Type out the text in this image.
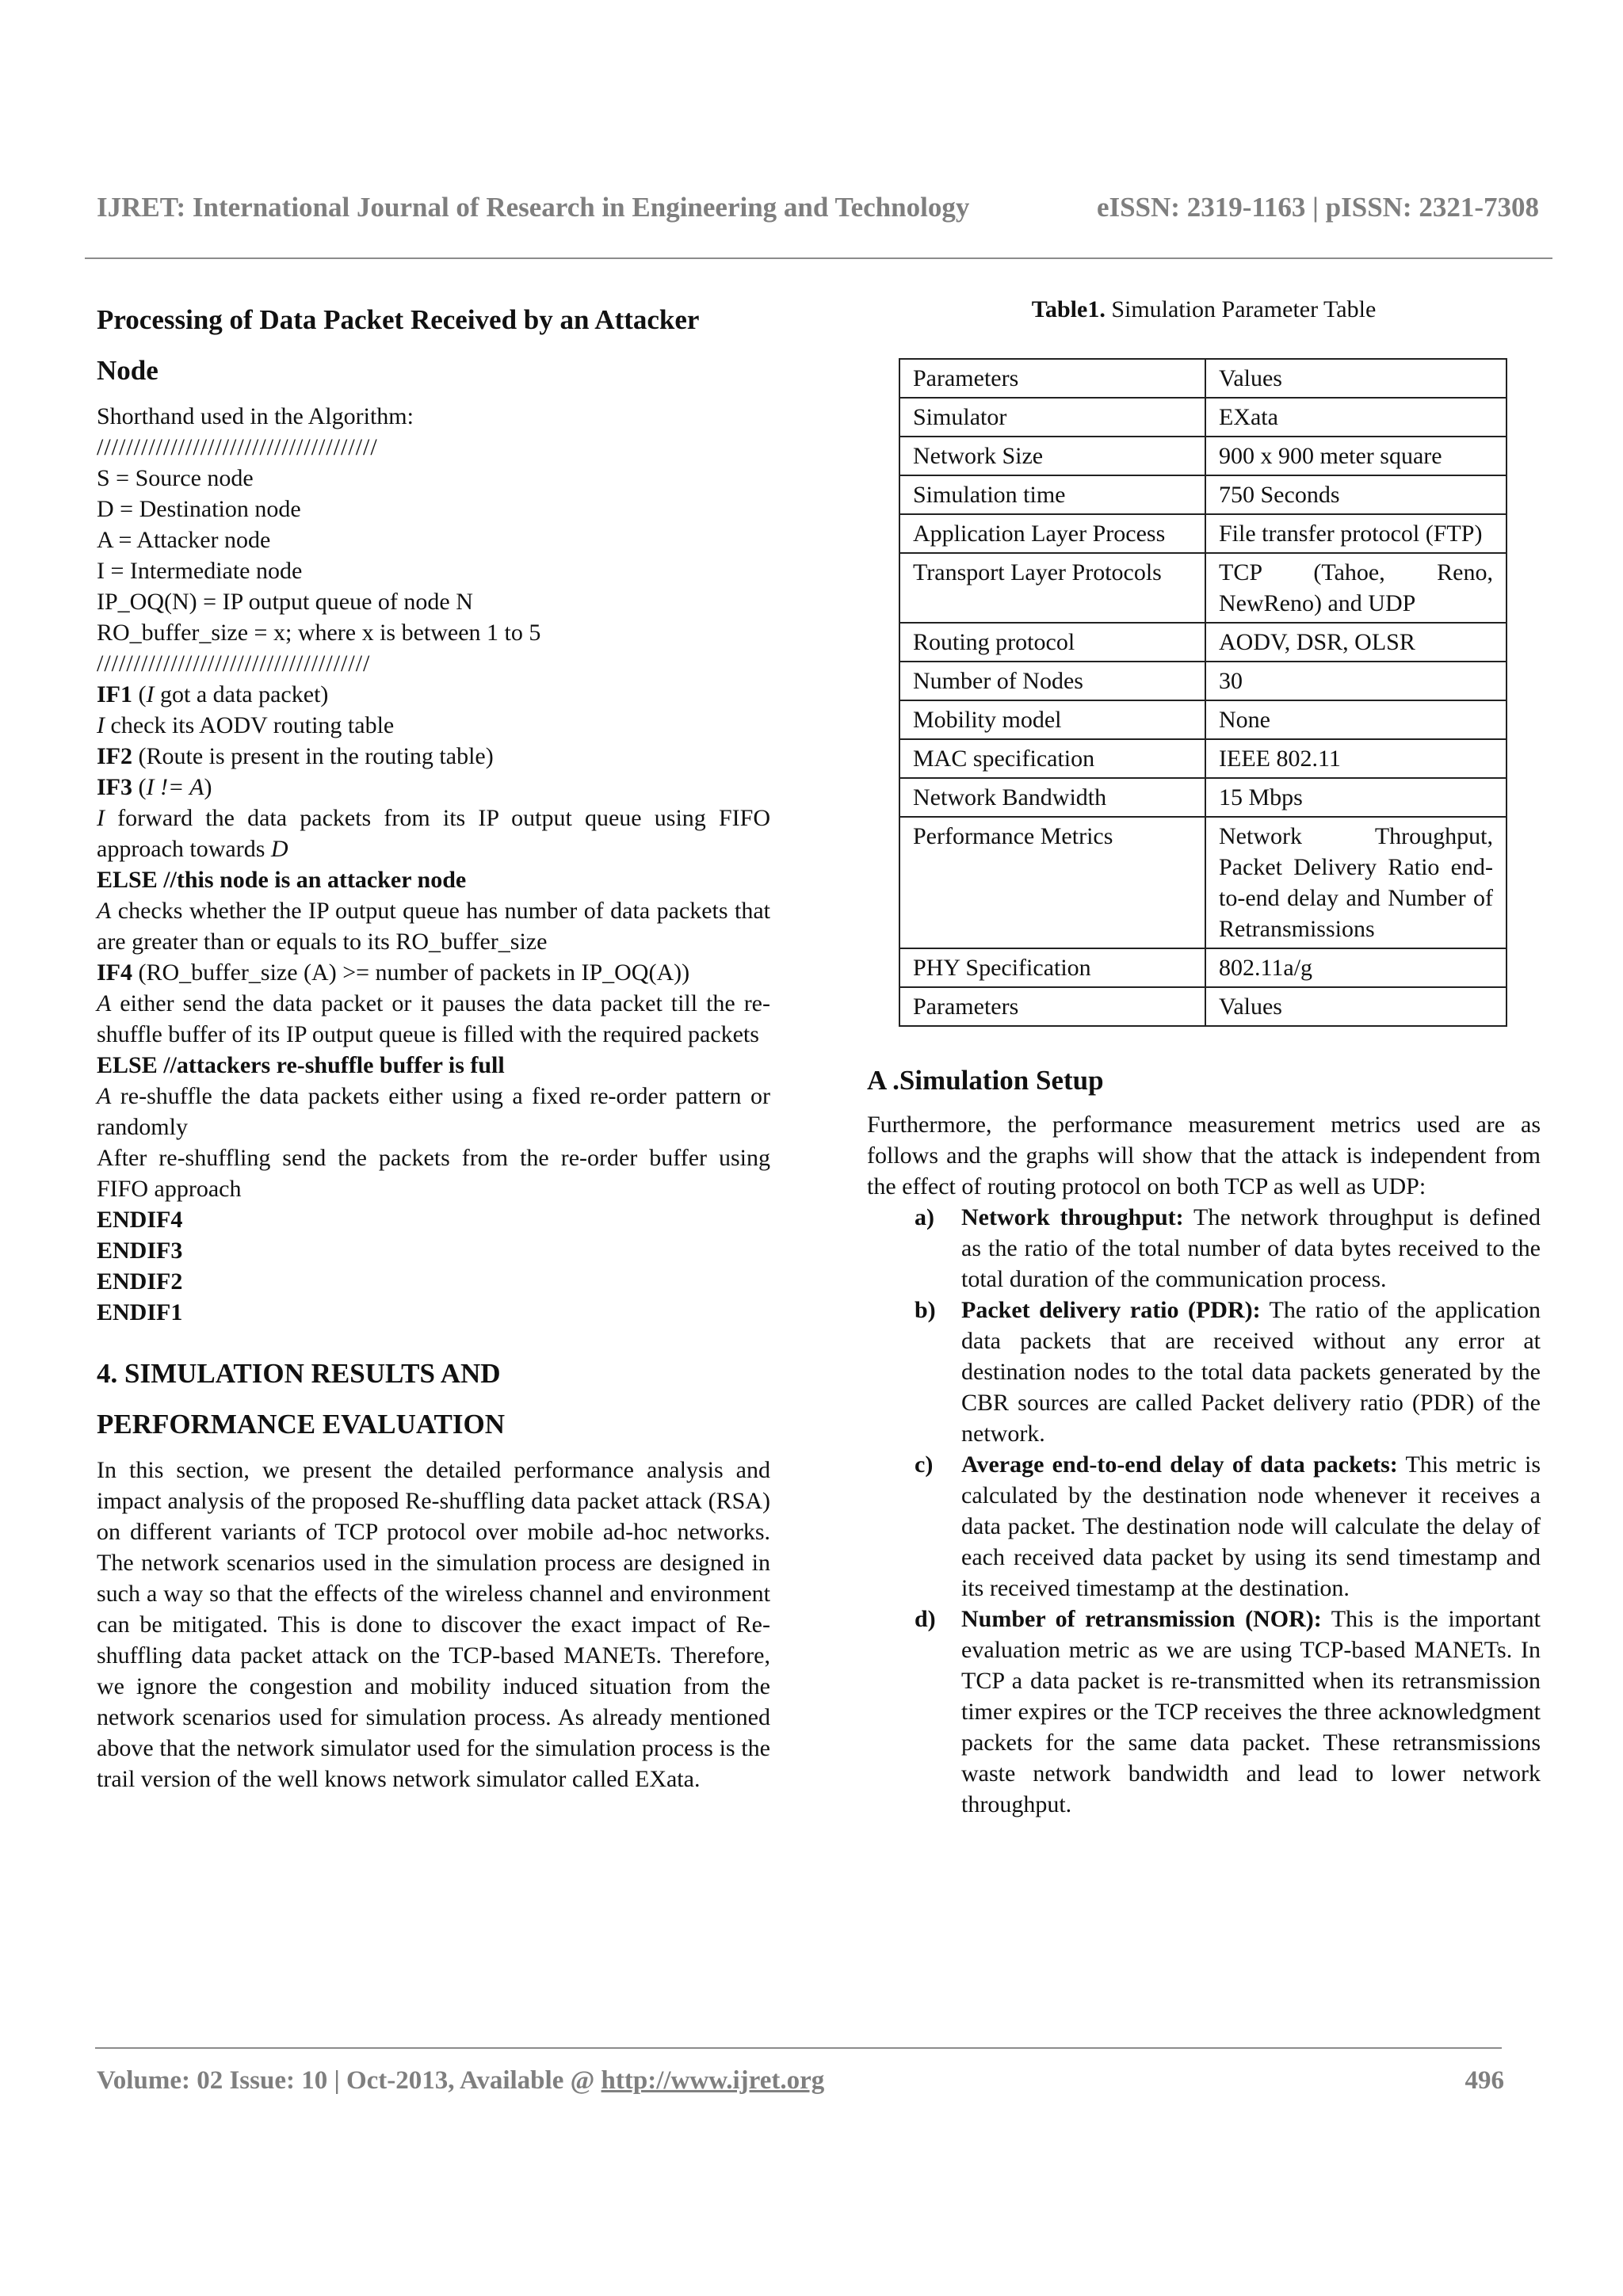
IJRET: International Journal of Research in Engineering and Technology	eISSN: 2319-1163 | pISSN: 2321-7308
Processing of Data Packet Received by an Attacker
Node
Shorthand used in the Algorithm:
//////////////////////////////////////
S = Source node
D = Destination node
A = Attacker node
I = Intermediate node
IP_OQ(N) = IP output queue of node N
RO_buffer_size = x; where x is between 1 to 5
/////////////////////////////////////
IF1 (I got a data packet)
I check its AODV routing table
IF2 (Route is present in the routing table)
IF3 (I != A)
I forward the data packets from its IP output queue using FIFO approach towards D
ELSE //this node is an attacker node
A checks whether the IP output queue has number of data packets that are greater than or equals to its RO_buffer_size
IF4 (RO_buffer_size (A) >= number of packets in IP_OQ(A))
A either send the data packet or it pauses the data packet till the re-shuffle buffer of its IP output queue is filled with the required packets
ELSE //attackers re-shuffle buffer is full
A re-shuffle the data packets either using a fixed re-order pattern or randomly
After re-shuffling send the packets from the re-order buffer using FIFO approach
ENDIF4
ENDIF3
ENDIF2
ENDIF1
4. SIMULATION RESULTS AND
PERFORMANCE EVALUATION

In this section, we present the detailed performance analysis and impact analysis of the proposed Re-shuffling data packet attack (RSA) on different variants of TCP protocol over mobile ad-hoc networks. The network scenarios used in the simulation process are designed in such a way so that the effects of the wireless channel and environment can be mitigated. This is done to discover the exact impact of Re-shuffling data packet attack on the TCP-based MANETs. Therefore, we ignore the congestion and mobility induced situation from the network scenarios used for simulation process. As already mentioned above that the network simulator used for the simulation process is the trail version of the well knows network simulator called EXata.

Table1. Simulation Parameter Table
Parameters	Values
Simulator	EXata
Network Size	900 x 900 meter square
Simulation time	750 Seconds
Application Layer Process	File transfer protocol (FTP)
Transport Layer Protocols	TCP (Tahoe, Reno, NewReno) and UDP
Routing protocol	AODV, DSR, OLSR
Number of Nodes	30
Mobility model	None
MAC specification	IEEE 802.11
Network Bandwidth	15 Mbps
Performance Metrics	Network Throughput, Packet Delivery Ratio end-to-end delay and Number of Retransmissions
PHY Specification	802.11a/g
Parameters	Values
A .Simulation Setup

Furthermore, the performance measurement metrics used are as follows and the graphs will show that the attack is independent from the effect of routing protocol on both TCP as well as UDP:

a) Network throughput: The network throughput is defined as the ratio of the total number of data bytes received to the total duration of the communication process.
b) Packet delivery ratio (PDR): The ratio of the application data packets that are received without any error at destination nodes to the total data packets generated by the CBR sources are called Packet delivery ratio (PDR) of the network.
c) Average end-to-end delay of data packets: This metric is calculated by the destination node whenever it receives a data packet. The destination node will calculate the delay of each received data packet by using its send timestamp and its received timestamp at the destination.
d) Number of retransmission (NOR): This is the important evaluation metric as we are using TCP-based MANETs. In TCP a data packet is re-transmitted when its retransmission timer expires or the TCP receives the three acknowledgment packets for the same data packet. These retransmissions waste network bandwidth and lead to lower network throughput.
Volume: 02 Issue: 10 | Oct-2013, Available @ http://www.ijret.org	496
